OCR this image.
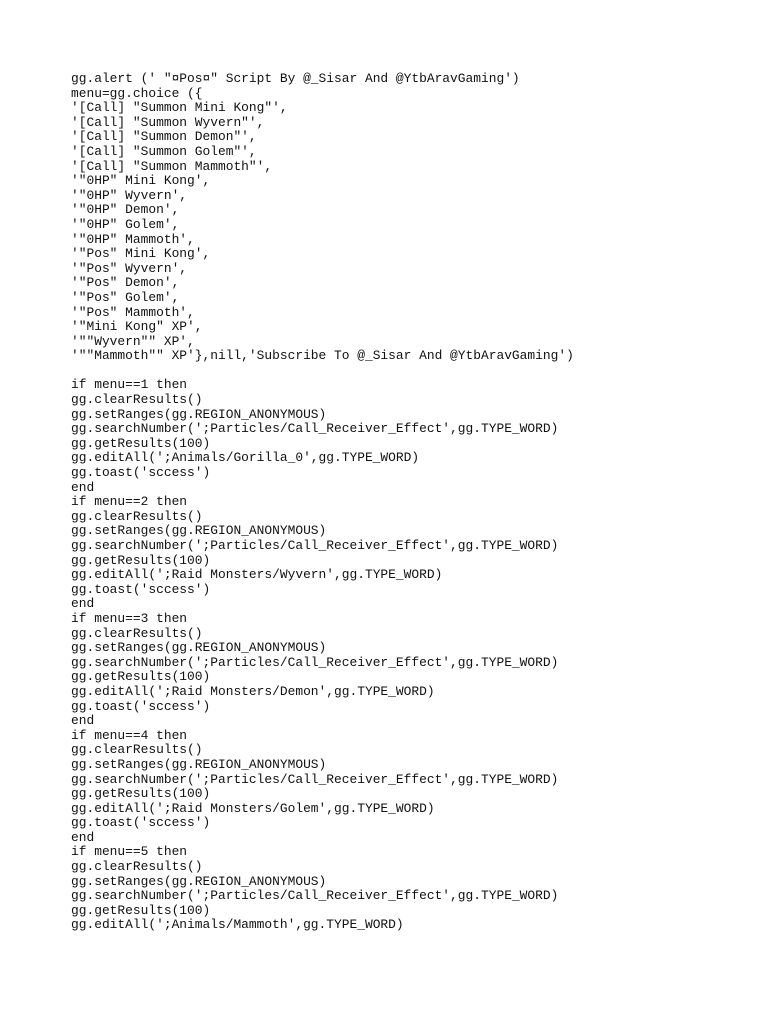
gg.alert (' "¤Pos¤" Script By @_Sisar And @YtbAravGaming')
menu=gg.choice ({
'[Call] "Summon Mini Kong"',
'[Call] "Summon Wyvern"',
'[Call] "Summon Demon"',
'[Call] "Summon Golem"',
'[Call] "Summon Mammoth"',
'"0HP" Mini Kong',
'"0HP" Wyvern',
'"0HP" Demon',
'"0HP" Golem',
'"0HP" Mammoth',
'"Pos" Mini Kong',
'"Pos" Wyvern',
'"Pos" Demon',
'"Pos" Golem',
'"Pos" Mammoth',
'"Mini Kong" XP',
'""Wyvern"" XP',
'""Mammoth"" XP'},nill,'Subscribe To @_Sisar And @YtbAravGaming')
if menu==1 then
gg.clearResults()
gg.setRanges(gg.REGION_ANONYMOUS)
gg.searchNumber(';Particles/Call_Receiver_Effect',gg.TYPE_WORD)
gg.getResults(100)
gg.editAll(';Animals/Gorilla_0',gg.TYPE_WORD)
gg.toast('sccess')
end
if menu==2 then
gg.clearResults()
gg.setRanges(gg.REGION_ANONYMOUS)
gg.searchNumber(';Particles/Call_Receiver_Effect',gg.TYPE_WORD)
gg.getResults(100)
gg.editAll(';Raid Monsters/Wyvern',gg.TYPE_WORD)
gg.toast('sccess')
end
if menu==3 then
gg.clearResults()
gg.setRanges(gg.REGION_ANONYMOUS)
gg.searchNumber(';Particles/Call_Receiver_Effect',gg.TYPE_WORD)
gg.getResults(100)
gg.editAll(';Raid Monsters/Demon',gg.TYPE_WORD)
gg.toast('sccess')
end
if menu==4 then
gg.clearResults()
gg.setRanges(gg.REGION_ANONYMOUS)
gg.searchNumber(';Particles/Call_Receiver_Effect',gg.TYPE_WORD)
gg.getResults(100)
gg.editAll(';Raid Monsters/Golem',gg.TYPE_WORD)
gg.toast('sccess')
end
if menu==5 then
gg.clearResults()
gg.setRanges(gg.REGION_ANONYMOUS)
gg.searchNumber(';Particles/Call_Receiver_Effect',gg.TYPE_WORD)
gg.getResults(100)
gg.editAll(';Animals/Mammoth',gg.TYPE_WORD)
